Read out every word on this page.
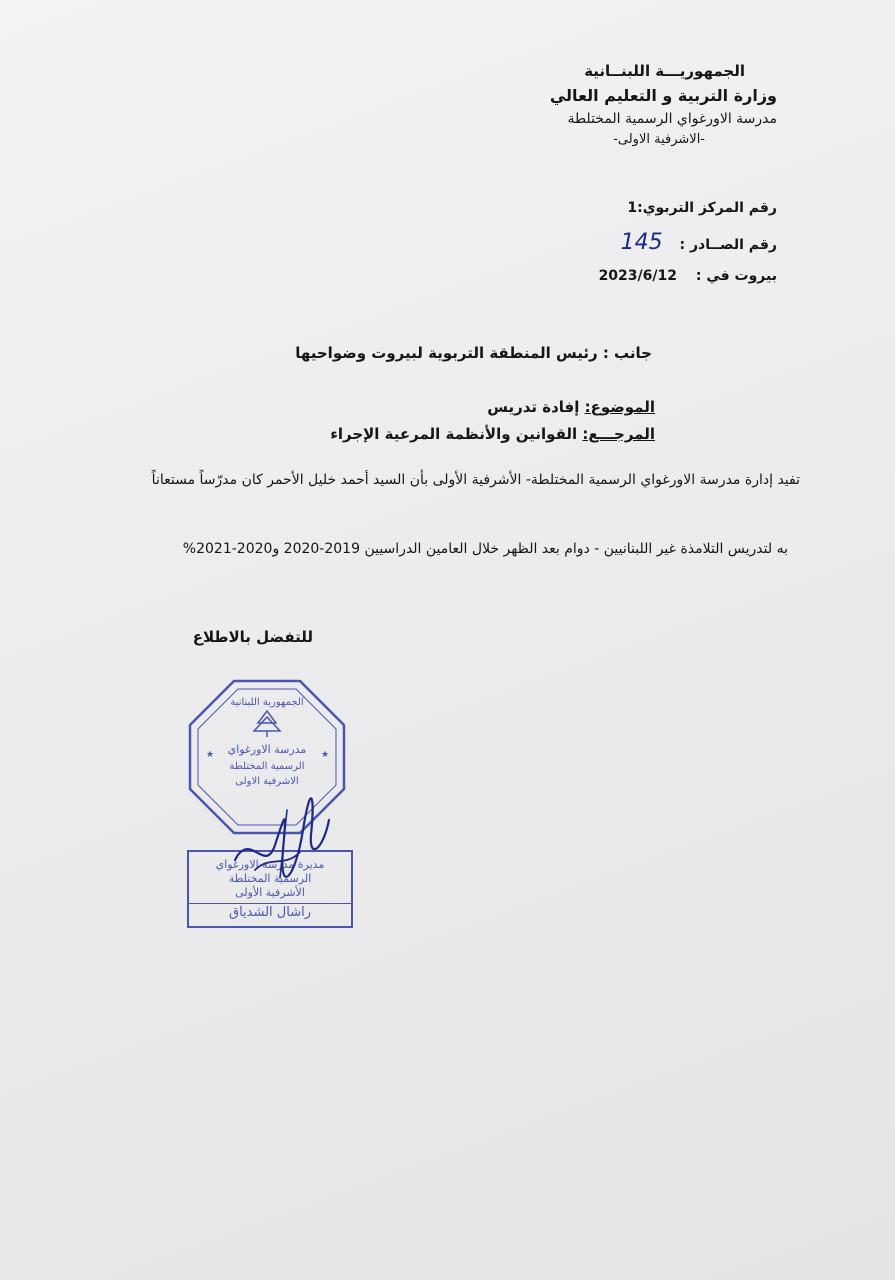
الجمهوريـــة اللبنــانية
وزارة التربية و التعليم العالي
مدرسة الاورغواي الرسمية المختلطة
-الاشرفية الاولى-
رقم المركز التربوي:1
رقم الصــادر : 145
بيروت في : 2023/6/12
جانب : رئيس المنطقة التربوية لبيروت وضواحيها
الموضوع: إفادة تدريس
المرجـــع: القوانين والأنظمة المرعية الإجراء
تفيد إدارة مدرسة الاورغواي الرسمية المختلطة- الأشرفية الأولى بأن السيد أحمد خليل الأحمر كان مدرّساً مستعاناً
به لتدريس التلامذة غير اللبنانيين - دوام بعد الظهر خلال العامين الدراسيين 2019-2020 و2020-2021%
للتفضل بالاطلاع
الجمهورية اللبنانية
مدرسة الاورغواي
الرسمية المختلطة
الاشرفية الاولى
★	★
مديرة مدرسة الاورغواي
الرسمية المختلطة
الأشرفية الأولى
راشال الشدياق
